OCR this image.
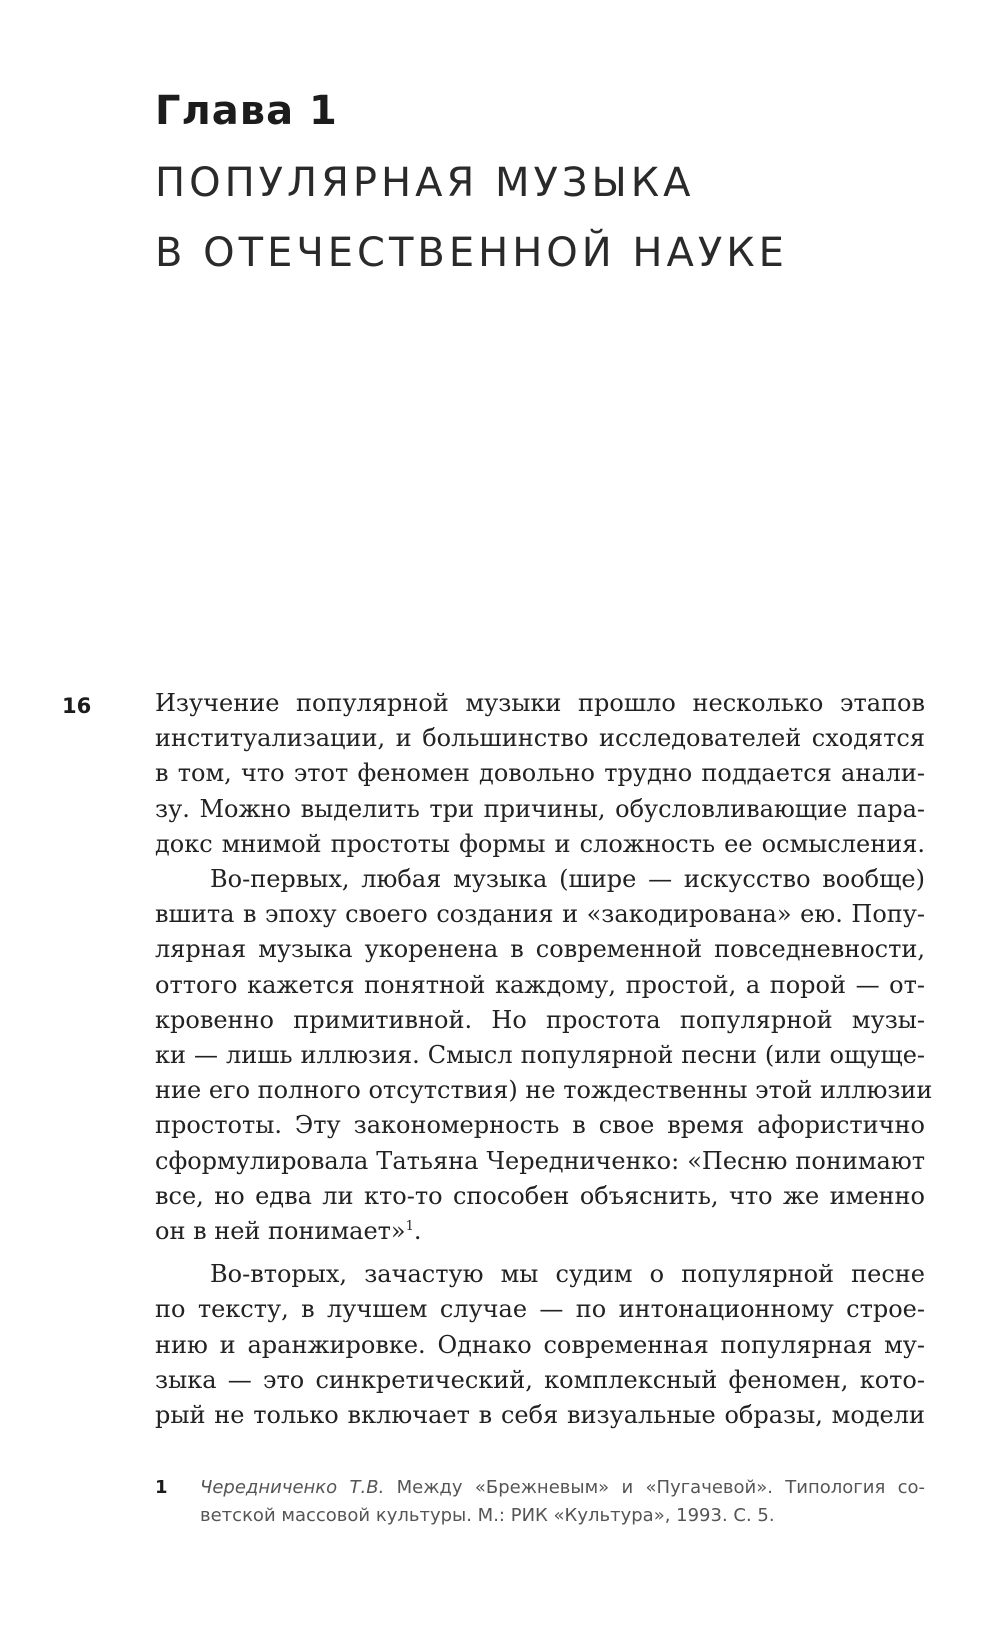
Глава 1
ПОПУЛЯРНАЯ МУЗЫКА
В ОТЕЧЕСТВЕННОЙ НАУКЕ
16	Изучение популярной музыки прошло несколько этапов
институализации, и большинство исследователей сходятся
в том, что этот феномен довольно трудно поддается анали-
зу. Можно выделить три причины, обусловливающие пара-
докс мнимой простоты формы и сложность ее осмысления.

Во-первых, любая музыка (шире — искусство вообще)
вшита в эпоху своего создания и «закодирована» ею. Попу-
лярная музыка укоренена в современной повседневности,
оттого кажется понятной каждому, простой, а порой — от-
кровенно примитивной. Но простота популярной музы-
ки — лишь иллюзия. Смысл популярной песни (или ощуще-
ние его полного отсутствия) не тождественны этой иллюзии
простоты. Эту закономерность в свое время афористично
сформулировала Татьяна Чередниченко: «Песню понимают
все, но едва ли кто-то способен объяснить, что же именно
он в ней понимает»$^1$.

Во-вторых, зачастую мы судим о популярной песне
по тексту, в лучшем случае — по интонационному строе-
нию и аранжировке. Однако современная популярная му-
зыка — это синкретический, комплексный феномен, кото-
рый не только включает в себя визуальные образы, модели

1 Чередниченко Т.В. Между «Брежневым» и «Пугачевой». Типология со-
ветской массовой культуры. М.: РИК «Культура», 1993. С. 5.
